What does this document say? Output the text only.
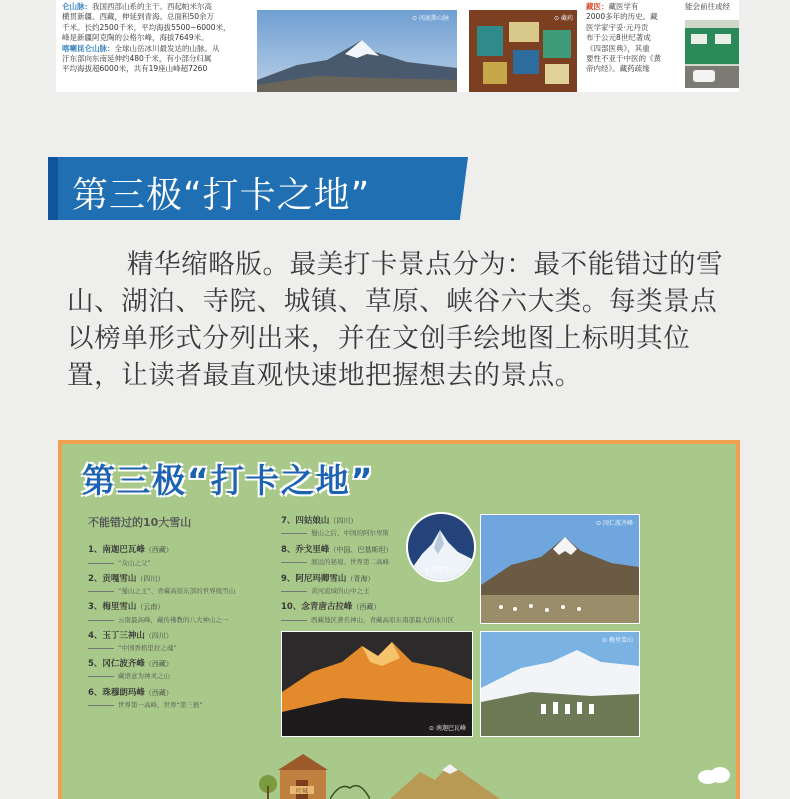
仑山脉：我国西部山系的主干。西起帕米尔高
横贯新疆、西藏，伸延到青海。总面积50余万
千米。长约2500千米，平均海拔5500~6000米，
峰是新疆阿克陶的公格尔峰，海拔7649米。
喀喇昆仑山脉：全球山岳冰川最发达的山脉。从
汗东部向东南延伸约480千米，有小部分归属
平均海拔超6000米，共有19座山峰超7260
⊙ 冈底斯山脉
⊙	藏药
藏医：藏医学有
2000多年的历史。藏
医学家宇妥·元丹贡
布于公元8世纪著成
《四部医典》，其重
要性不亚于中医的《黄
帝内经》。藏药疏缘
能会前往或经
第三极“打卡之地”
精华缩略版。最美打卡景点分为：最不能错过的雪山、湖泊、寺院、城镇、草原、峡谷六大类。每类景点以榜单形式分列出来，并在文创手绘地图上标明其位置，让读者最直观快速地把握想去的景点。
第三极“打卡之地”
不能错过的10大雪山
1、南迦巴瓦峰（西藏）
“众山之父”
2、贡嘎雪山（四川）
“蜀山之王”、青藏高原东部的世界级雪山
3、梅里雪山（云南）
云南最高峰，藏传佛教的八大神山之一
4、玉丁三神山（四川）
“中国香格里拉之魂”
5、冈仁波齐峰（西藏）
藏语意为神灵之山
6、珠穆朗玛峰（西藏）
世界第一高峰，世界“第三极”
7、四姑娘山（四川）
蜀山之后、中国的阿尔卑斯
8、乔戈里峰（中国、巴基斯坦）
渥远的秘境、世界第二高峰
9、阿尼玛卿雪山（青海）
黄河流域的山中之王
10、念青唐古拉峰（西藏）
西藏地区著名神山、青藏高原东南部最大的冰川区
⊙ 玛卿雪山
⊙ 冈仁波齐峰
⊙ 南迦巴瓦峰
⊙ 梅里雪山
叶城
